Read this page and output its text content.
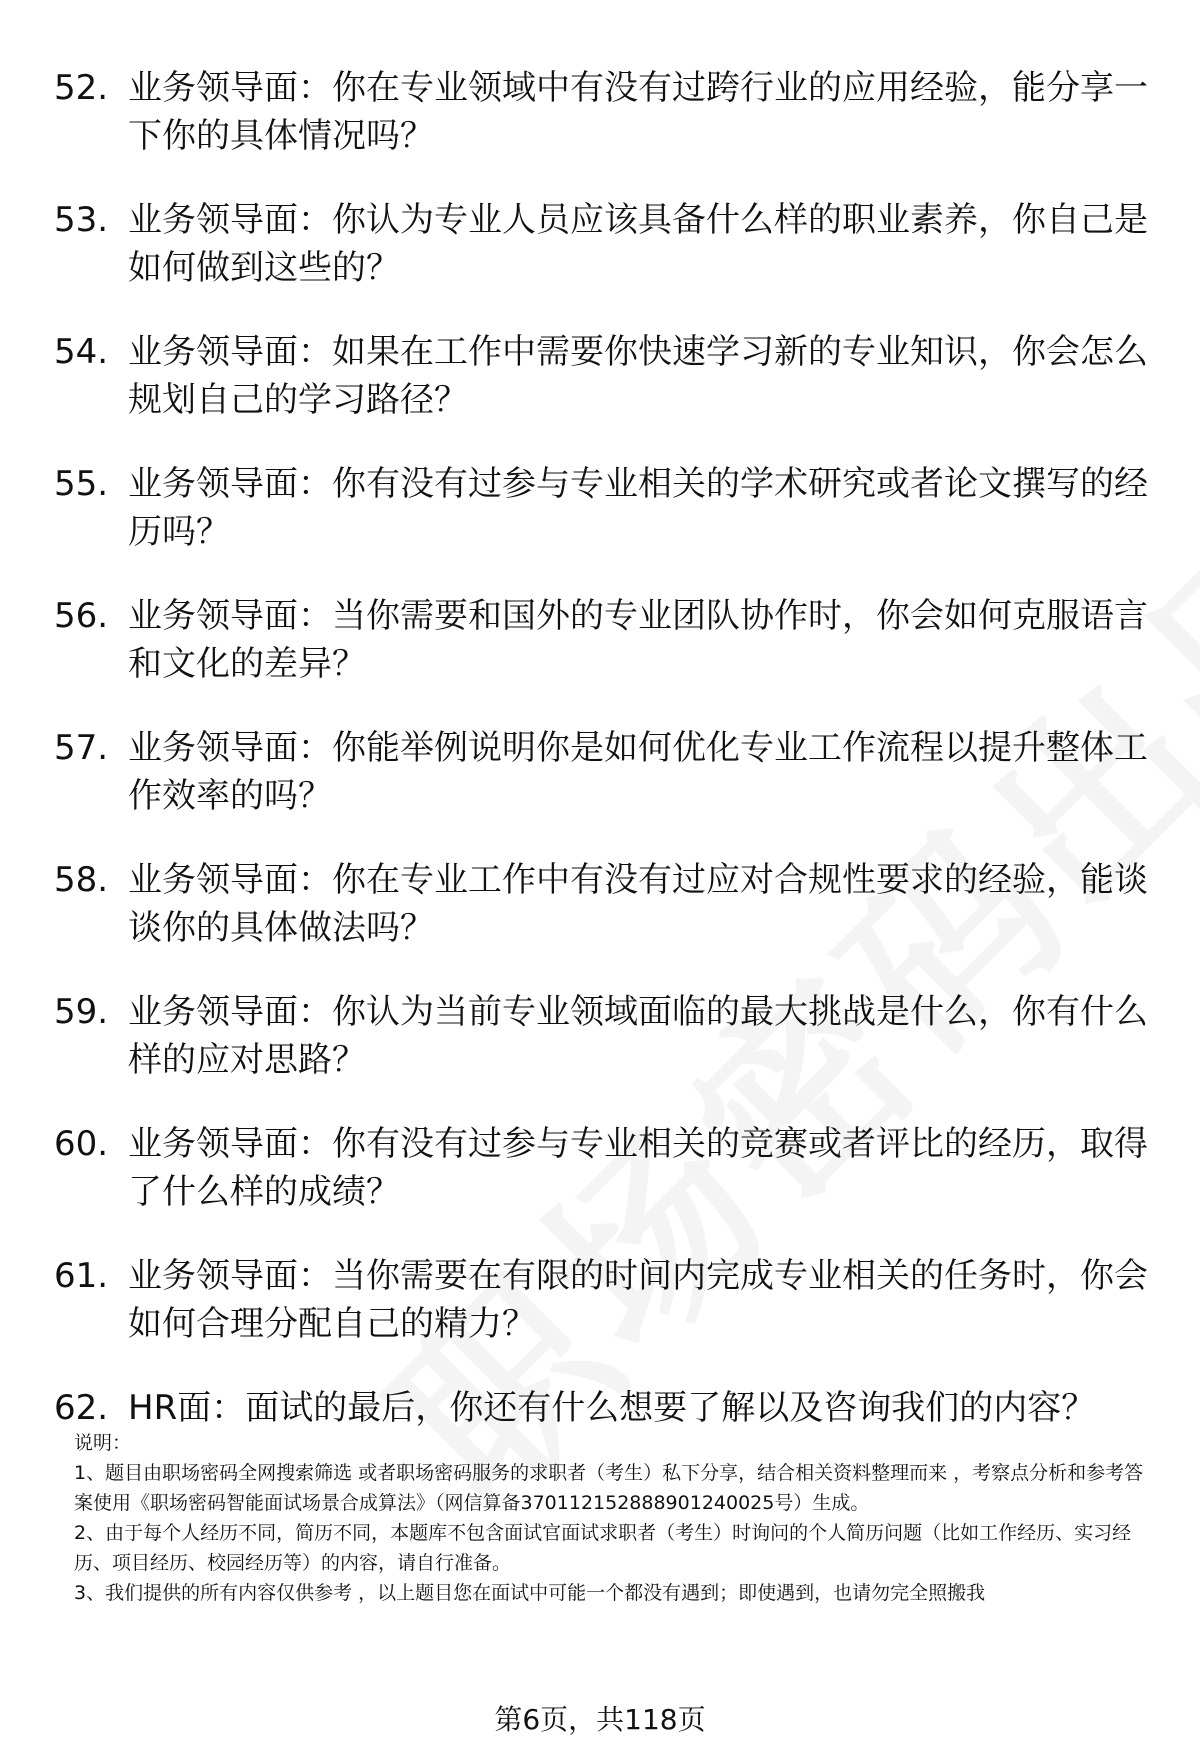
52. 业务领导面：你在专业领域中有没有过跨行业的应用经验，能分享一下你的具体情况吗？
53. 业务领导面：你认为专业人员应该具备什么样的职业素养，你自己是如何做到这些的？
54. 业务领导面：如果在工作中需要你快速学习新的专业知识，你会怎么规划自己的学习路径？
55. 业务领导面：你有没有过参与专业相关的学术研究或者论文撰写的经历吗？
56. 业务领导面：当你需要和国外的专业团队协作时，你会如何克服语言和文化的差异？
57. 业务领导面：你能举例说明你是如何优化专业工作流程以提升整体工作效率的吗？
58. 业务领导面：你在专业工作中有没有过应对合规性要求的经验，能谈谈你的具体做法吗？
59. 业务领导面：你认为当前专业领域面临的最大挑战是什么，你有什么样的应对思路？
60. 业务领导面：你有没有过参与专业相关的竞赛或者评比的经历，取得了什么样的成绩？
61. 业务领导面：当你需要在有限的时间内完成专业相关的任务时，你会如何合理分配自己的精力？
62. HR面：面试的最后，你还有什么想要了解以及咨询我们的内容？

说明：

1、题目由职场密码全网搜索筛选 或者职场密码服务的求职者（考生）私下分享，结合相关资料整理而来 ，考察点分析和参考答案使用《职场密码智能面试场景合成算法》（网信算备370112152888901240025号）生成。

2、由于每个人经历不同，简历不同，本题库不包含面试官面试求职者（考生）时询问的个人简历问题（比如工作经历、实习经历、项目经历、校园经历等）的内容，请自行准备。

3、我们提供的所有内容仅供参考 ，以上题目您在面试中可能一个都没有遇到；即使遇到，也请勿完全照搬我

第6页，共118页
